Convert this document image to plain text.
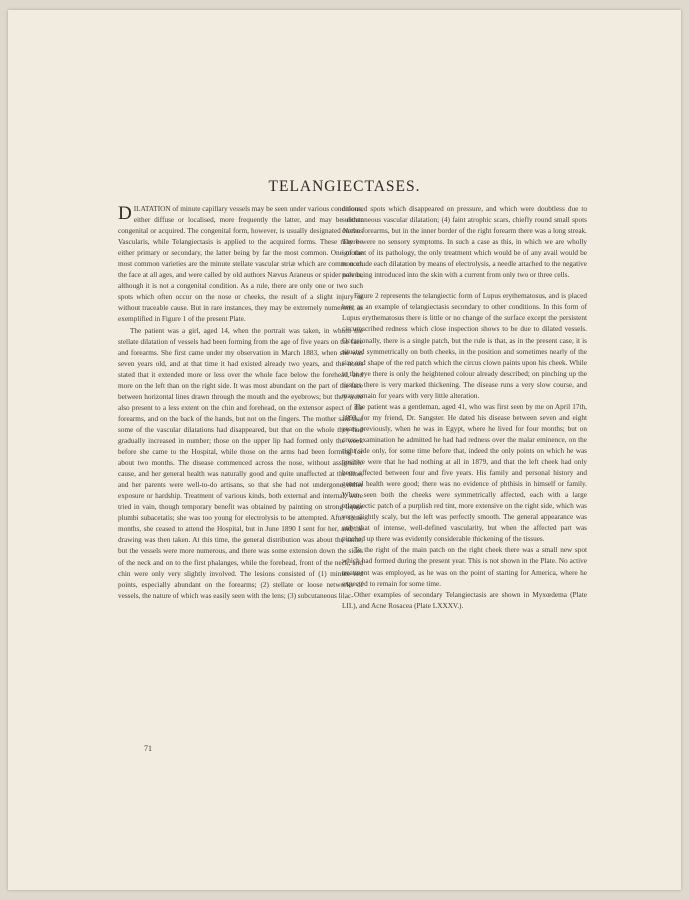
TELANGIECTASES.

DILATATION of minute capillary vessels may be seen under various conditions, either diffuse or localised, more frequently the latter, and may be either congenital or acquired. The congenital form, however, is usually designated Nævus Vascularis, while Telangiectasis is applied to the acquired forms. These may be either primary or secondary, the latter being by far the most common. One of the most common varieties are the minute stellate vascular striæ which are common on the face at all ages, and were called by old authors Nævus Araneus or spider nævus, although it is not a congenital condition. As a rule, there are only one or two such spots which often occur on the nose or cheeks, the result of a slight injury or without traceable cause. But in rare instances, they may be extremely numerous, as exemplified in Figure 1 of the present Plate.

The patient was a girl, aged 14, when the portrait was taken, in whom the stellate dilatation of vessels had been forming from the age of five years on the face and forearms. She first came under my observation in March 1883, when she was seven years old, and at that time it had existed already two years, and the notes stated that it extended more or less over the whole face below the forehead, and more on the left than on the right side. It was most abundant on the part of the face between horizontal lines drawn through the mouth and the eyebrows; but they were also present to a less extent on the chin and forehead, on the extensor aspect of the forearms, and on the back of the hands, but not on the fingers. The mother said that some of the vascular dilatations had disappeared, but that on the whole they had gradually increased in number; those on the upper lip had formed only the week before she came to the Hospital, while those on the arms had been forming for about two months. The disease commenced across the nose, without assignable cause, and her general health was naturally good and quite unaffected at the time, and her parents were well-to-do artisans, so that she had not undergone either exposure or hardship. Treatment of various kinds, both external and internal, were tried in vain, though temporary benefit was obtained by painting on strong liquor plumbi subacetatis; she was too young for electrolysis to be attempted. After some months, she ceased to attend the Hospital, but in June 1890 I sent for her, and the drawing was then taken. At this time, the general distribution was about the same, but the vessels were more numerous, and there was some extension down the sides of the neck and on to the first phalanges, while the forehead, front of the neck, and chin were only very slightly involved. The lesions consisted of (1) minute red points, especially abundant on the forearms; (2) stellate or loose networks of vessels, the nature of which was easily seen with the lens; (3) subcutaneous lilac-

coloured spots which disappeared on pressure, and which were doubtless due to subcutaneous vascular dilatation; (4) faint atrophic scars, chiefly round small spots on the forearms, but in the inner border of the right forearm there was a long streak. There were no sensory symptoms. In such a case as this, in which we are wholly ignorant of its pathology, the only treatment which would be of any avail would be to occlude each dilatation by means of electrolysis, a needle attached to the negative pole being introduced into the skin with a current from only two or three cells.

Figure 2 represents the telangiectic form of Lupus erythematosus, and is placed here as an example of telangiectasis secondary to other conditions. In this form of Lupus erythematosus there is little or no change of the surface except the persistent circumscribed redness which close inspection shows to be due to dilated vessels. Occasionally, there is a single patch, but the rule is that, as in the present case, it is situated symmetrically on both cheeks, in the position and sometimes nearly of the size and shape of the red patch which the circus clown paints upon his cheek. While to the eye there is only the heightened colour already described; on pinching up the tissues there is very marked thickening. The disease runs a very slow course, and may remain for years with very little alteration.

The patient was a gentleman, aged 41, who was first seen by me on April 17th, 1893, for my friend, Dr. Sangster. He dated his disease between seven and eight years previously, when he was in Egypt, where he lived for four months; but on cross-examination he admitted he had had redness over the malar eminence, on the right side only, for some time before that, indeed the only points on which he was positive were that he had nothing at all in 1879, and that the left cheek had only been affected between four and five years. His family and personal history and general health were good; there was no evidence of phthisis in himself or family. When seen both the cheeks were symmetrically affected, each with a large telangiectic patch of a purplish red tint, more extensive on the right side, which was very slightly scaly, but the left was perfectly smooth. The general appearance was only that of intense, well-defined vascularity, but when the affected part was pinched up there was evidently considerable thickening of the tissues.

To the right of the main patch on the right cheek there was a small new spot which had formed during the present year. This is not shown in the Plate. No active treatment was employed, as he was on the point of starting for America, where he expected to remain for some time.

Other examples of secondary Telangiectasis are shown in Myxœdema (Plate LII.), and Acne Rosacea (Plate LXXXV.).

71
